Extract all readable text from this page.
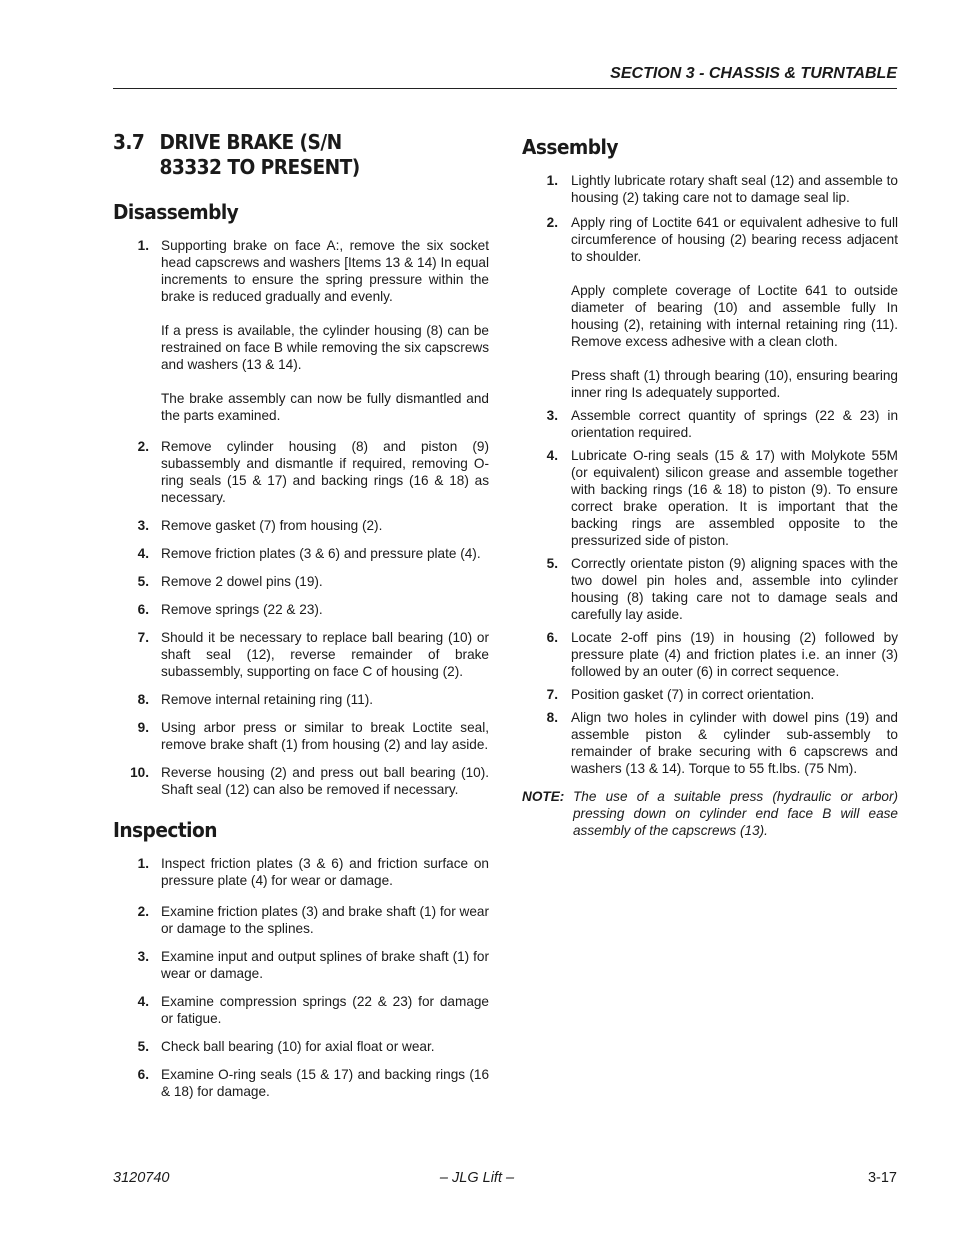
SECTION 3 - CHASSIS & TURNTABLE
3.7 DRIVE BRAKE (S/N 83332 TO PRESENT)
Disassembly
1. Supporting brake on face A:, remove the six socket head capscrews and washers [Items 13 & 14) In equal increments to ensure the spring pressure within the brake is reduced gradually and evenly.

If a press is available, the cylinder housing (8) can be restrained on face B while removing the six capscrews and washers (13 & 14).

The brake assembly can now be fully dismantled and the parts examined.

2. Remove cylinder housing (8) and piston (9) subassembly and dismantle if required, removing O-ring seals (15 & 17) and backing rings (16 & 18) as necessary.

3. Remove gasket (7) from housing (2).

4. Remove friction plates (3 & 6) and pressure plate (4).

5. Remove 2 dowel pins (19).

6. Remove springs (22 & 23).

7. Should it be necessary to replace ball bearing (10) or shaft seal (12), reverse remainder of brake subassembly, supporting on face C of housing (2).

8. Remove internal retaining ring (11).

9. Using arbor press or similar to break Loctite seal, remove brake shaft (1) from housing (2) and lay aside.

10. Reverse housing (2) and press out ball bearing (10). Shaft seal (12) can also be removed if necessary.

Inspection
1. Inspect friction plates (3 & 6) and friction surface on pressure plate (4) for wear or damage.

2. Examine friction plates (3) and brake shaft (1) for wear or damage to the splines.

3. Examine input and output splines of brake shaft (1) for wear or damage.

4. Examine compression springs (22 & 23) for damage or fatigue.

5. Check ball bearing (10) for axial float or wear.

6. Examine O-ring seals (15 & 17) and backing rings (16 & 18) for damage.

Assembly
1. Lightly lubricate rotary shaft seal (12) and assemble to housing (2) taking care not to damage seal lip.

2. Apply ring of Loctite 641 or equivalent adhesive to full circumference of housing (2) bearing recess adjacent to shoulder.

Apply complete coverage of Loctite 641 to outside diameter of bearing (10) and assemble fully In housing (2), retaining with internal retaining ring (11). Remove excess adhesive with a clean cloth.

Press shaft (1) through bearing (10), ensuring bearing inner ring Is adequately supported.

3. Assemble correct quantity of springs (22 & 23) in orientation required.

4. Lubricate O-ring seals (15 & 17) with Molykote 55M (or equivalent) silicon grease and assemble together with backing rings (16 & 18) to piston (9). To ensure correct brake operation. It is important that the backing rings are assembled opposite to the pressurized side of piston.

5. Correctly orientate piston (9) aligning spaces with the two dowel pin holes and, assemble into cylinder housing (8) taking care not to damage seals and carefully lay aside.

6. Locate 2-off pins (19) in housing (2) followed by pressure plate (4) and friction plates i.e. an inner (3) followed by an outer (6) in correct sequence.

7. Position gasket (7) in correct orientation.

8. Align two holes in cylinder with dowel pins (19) and assemble piston & cylinder sub-assembly to remainder of brake securing with 6 capscrews and washers (13 & 14). Torque to 55 ft.lbs. (75 Nm).

NOTE: The use of a suitable press (hydraulic or arbor) pressing down on cylinder end face B will ease assembly of the capscrews (13).
3120740	– JLG Lift –	3-17
